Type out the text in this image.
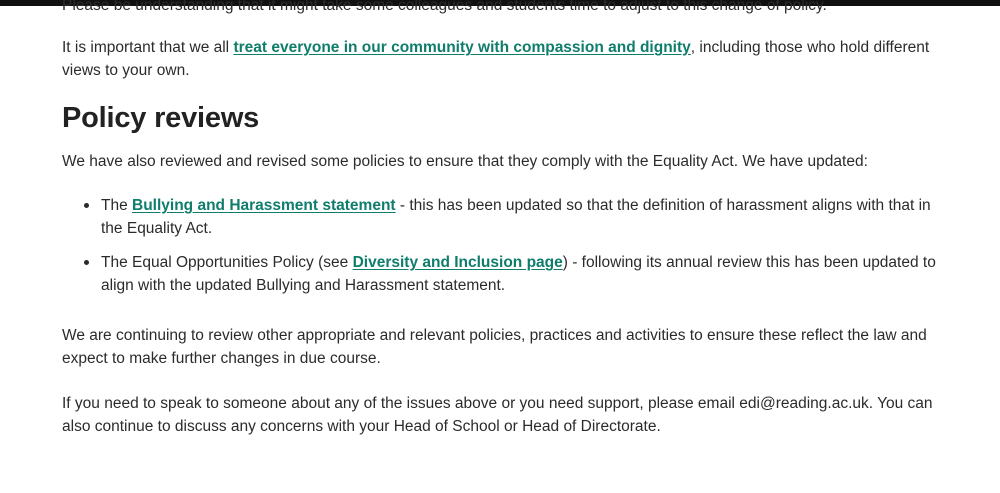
Please be understanding that it might take some colleagues and students time to adjust to this change of policy.

It is important that we all treat everyone in our community with compassion and dignity, including those who hold different views to your own.

Policy reviews

We have also reviewed and revised some policies to ensure that they comply with the Equality Act. We have updated:

The Bullying and Harassment statement - this has been updated so that the definition of harassment aligns with that in the Equality Act.
The Equal Opportunities Policy (see Diversity and Inclusion page) - following its annual review this has been updated to align with the updated Bullying and Harassment statement.

We are continuing to review other appropriate and relevant policies, practices and activities to ensure these reflect the law and expect to make further changes in due course.

If you need to speak to someone about any of the issues above or you need support, please email edi@reading.ac.uk. You can also continue to discuss any concerns with your Head of School or Head of Directorate.
